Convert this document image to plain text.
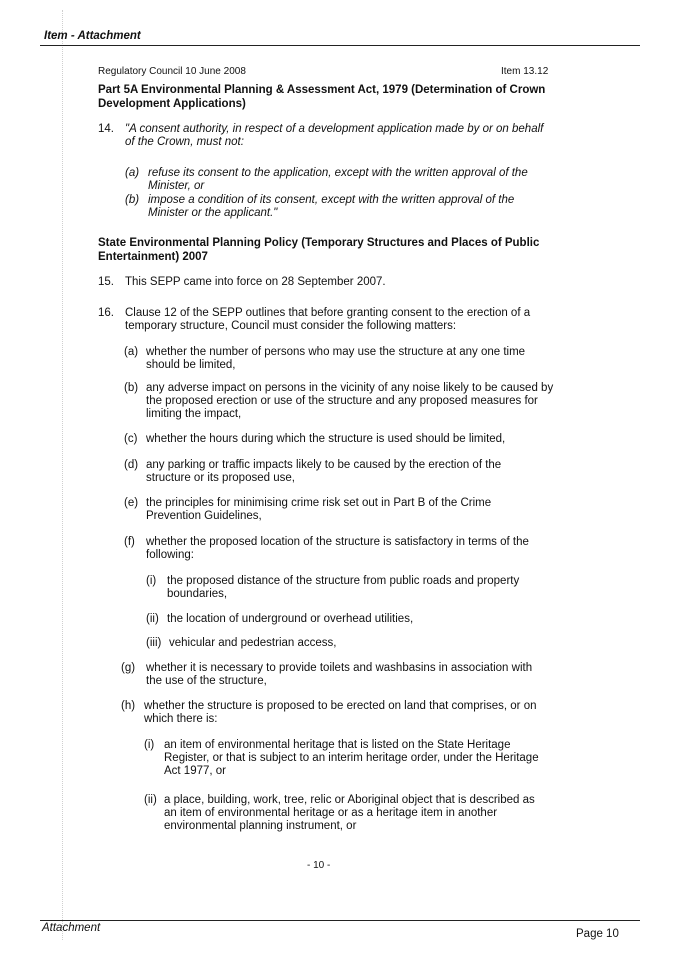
Item - Attachment
Regulatory Council 10 June 2008	Item 13.12
Part 5A Environmental Planning & Assessment Act, 1979 (Determination of Crown Development Applications)
14. "A consent authority, in respect of a development application made by or on behalf of the Crown, must not:
(a) refuse its consent to the application, except with the written approval of the Minister, or
(b) impose a condition of its consent, except with the written approval of the Minister or the applicant."
State Environmental Planning Policy (Temporary Structures and Places of Public Entertainment) 2007
15. This SEPP came into force on 28 September 2007.
16. Clause 12 of the SEPP outlines that before granting consent to the erection of a temporary structure, Council must consider the following matters:
(a) whether the number of persons who may use the structure at any one time should be limited,
(b) any adverse impact on persons in the vicinity of any noise likely to be caused by the proposed erection or use of the structure and any proposed measures for limiting the impact,
(c) whether the hours during which the structure is used should be limited,
(d) any parking or traffic impacts likely to be caused by the erection of the structure or its proposed use,
(e) the principles for minimising crime risk set out in Part B of the Crime Prevention Guidelines,
(f) whether the proposed location of the structure is satisfactory in terms of the following:
(i) the proposed distance of the structure from public roads and property boundaries,
(ii) the location of underground or overhead utilities,
(iii) vehicular and pedestrian access,
(g) whether it is necessary to provide toilets and washbasins in association with the use of the structure,
(h) whether the structure is proposed to be erected on land that comprises, or on which there is:
(i) an item of environmental heritage that is listed on the State Heritage Register, or that is subject to an interim heritage order, under the Heritage Act 1977, or
(ii) a place, building, work, tree, relic or Aboriginal object that is described as an item of environmental heritage or as a heritage item in another environmental planning instrument, or
- 10 -
Attachment	Page 10
